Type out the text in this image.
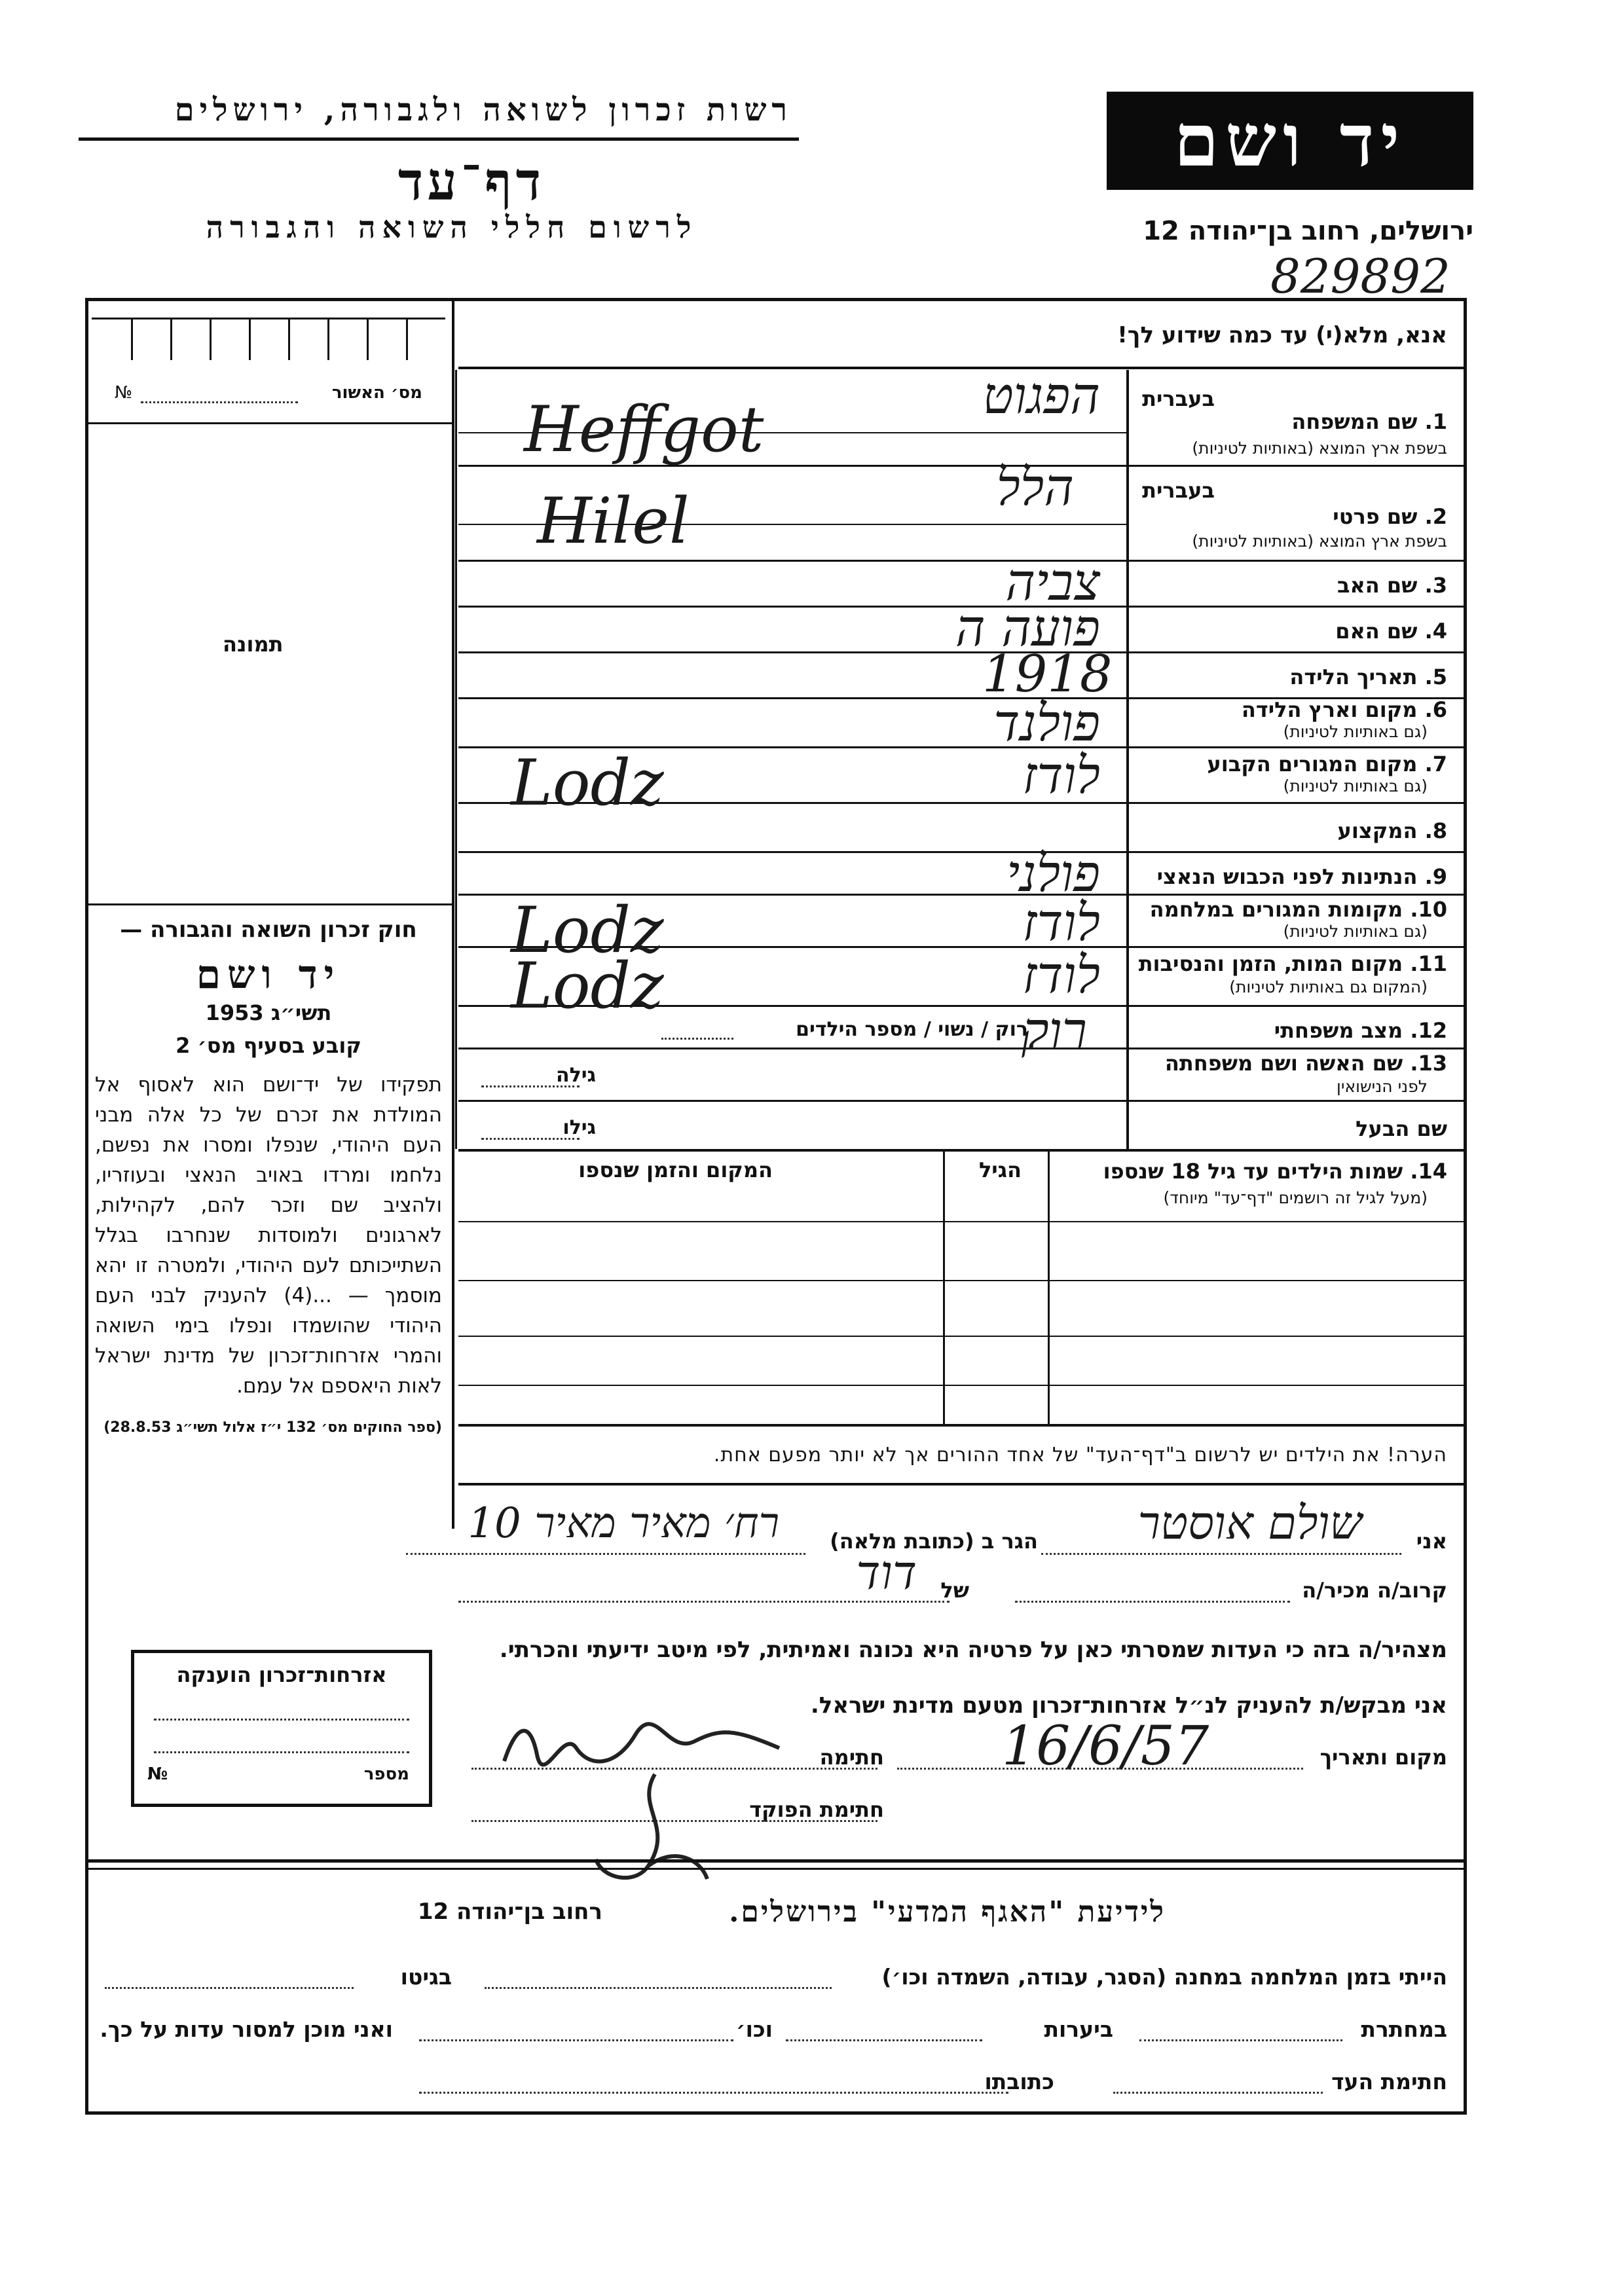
רשות זכרון לשואה ולגבורה, ירושלים
דף־עד
לרשום חללי השואה והגבורה
יד ושם
ירושלים, רחוב בן־יהודה 12
829892
אנא, מלא(י) עד כמה שידוע לך!
№	מס׳ האשור
תמונה

חוק זכרון השואה והגבורה —

יד ושם

תשי״ג 1953

קובע בסעיף מס׳ 2

תפקידו של יד־ושם הוא לאסוף אל המולדת את זכרם של כל אלה מבני העם היהודי, שנפלו ומסרו את נפשם, נלחמו ומרדו באויב הנאצי ובעוזריו, ולהציב שם וזכר להם, לקהילות, לארגונים ולמוסדות שנחרבו בגלל השתייכותם לעם היהודי, ולמטרה זו יהא מוסמך — ...(4) להעניק לבני העם היהודי שהושמדו ונפלו בימי השואה והמרי אזרחות־זכרון של מדינת ישראל לאות היאספם אל עמם.

(ספר החוקים מס׳ 132 י״ז אלול תשי״ג 28.8.53)

בעברית
בעברית
1. שם המשפחה
בשפת ארץ המוצא (באותיות לטיניות)
2. שם פרטי
בשפת ארץ המוצא (באותיות לטיניות)
3. שם האב
4. שם האם
5. תאריך הלידה
6. מקום וארץ הלידה
(גם באותיות לטיניות)
7. מקום המגורים הקבוע
(גם באותיות לטיניות)
8. המקצוע
9. הנתינות לפני הכבוש הנאצי
10. מקומות המגורים במלחמה
(גם באותיות לטיניות)
11. מקום המות, הזמן והנסיבות
(המקום גם באותיות לטיניות)
12. מצב משפחתי
13. שם האשה ושם משפחתה
לפני הנישואין
שם הבעל
רוק / נשוי / מספר הילדים
גילה
גילו
הפגוט
Heffgot
הלל
Hilel
צביה
פועה ה
1918
פולנד
לודז
Lodz
פולני
לודז
Lodz
לודז
Lodz
רוק
14. שמות הילדים עד גיל 18 שנספו
(מעל לגיל זה רושמים "דף־עד" מיוחד)
הגיל
המקום והזמן שנספו
הערה! את הילדים יש לרשום ב"דף־העד" של אחד ההורים אך לא יותר מפעם אחת.
אני
שולם אוסטר
הגר ב (כתובת מלאה)
רח׳ מאיר מאיר 10
קרוב/ה מכיר/ה
של
דוד
מצהיר/ה בזה כי העדות שמסרתי כאן על פרטיה היא נכונה ואמיתית, לפי מיטב ידיעתי והכרתי.
אני מבקש/ת להעניק לנ״ל אזרחות־זכרון מטעם מדינת ישראל.
מקום ותאריך
16/6/57
חתימה
חתימת הפוקד
אזרחות־זכרון הוענקה
№	מספר
לידיעת "האגף המדעי" בירושלים.
רחוב בן־יהודה 12
הייתי בזמן המלחמה במחנה (הסגר, עבודה, השמדה וכו׳)
בגיטו
במחתרת
ביערות
וכו׳
ואני מוכן למסור עדות על כך.
חתימת העד
כתובתו
